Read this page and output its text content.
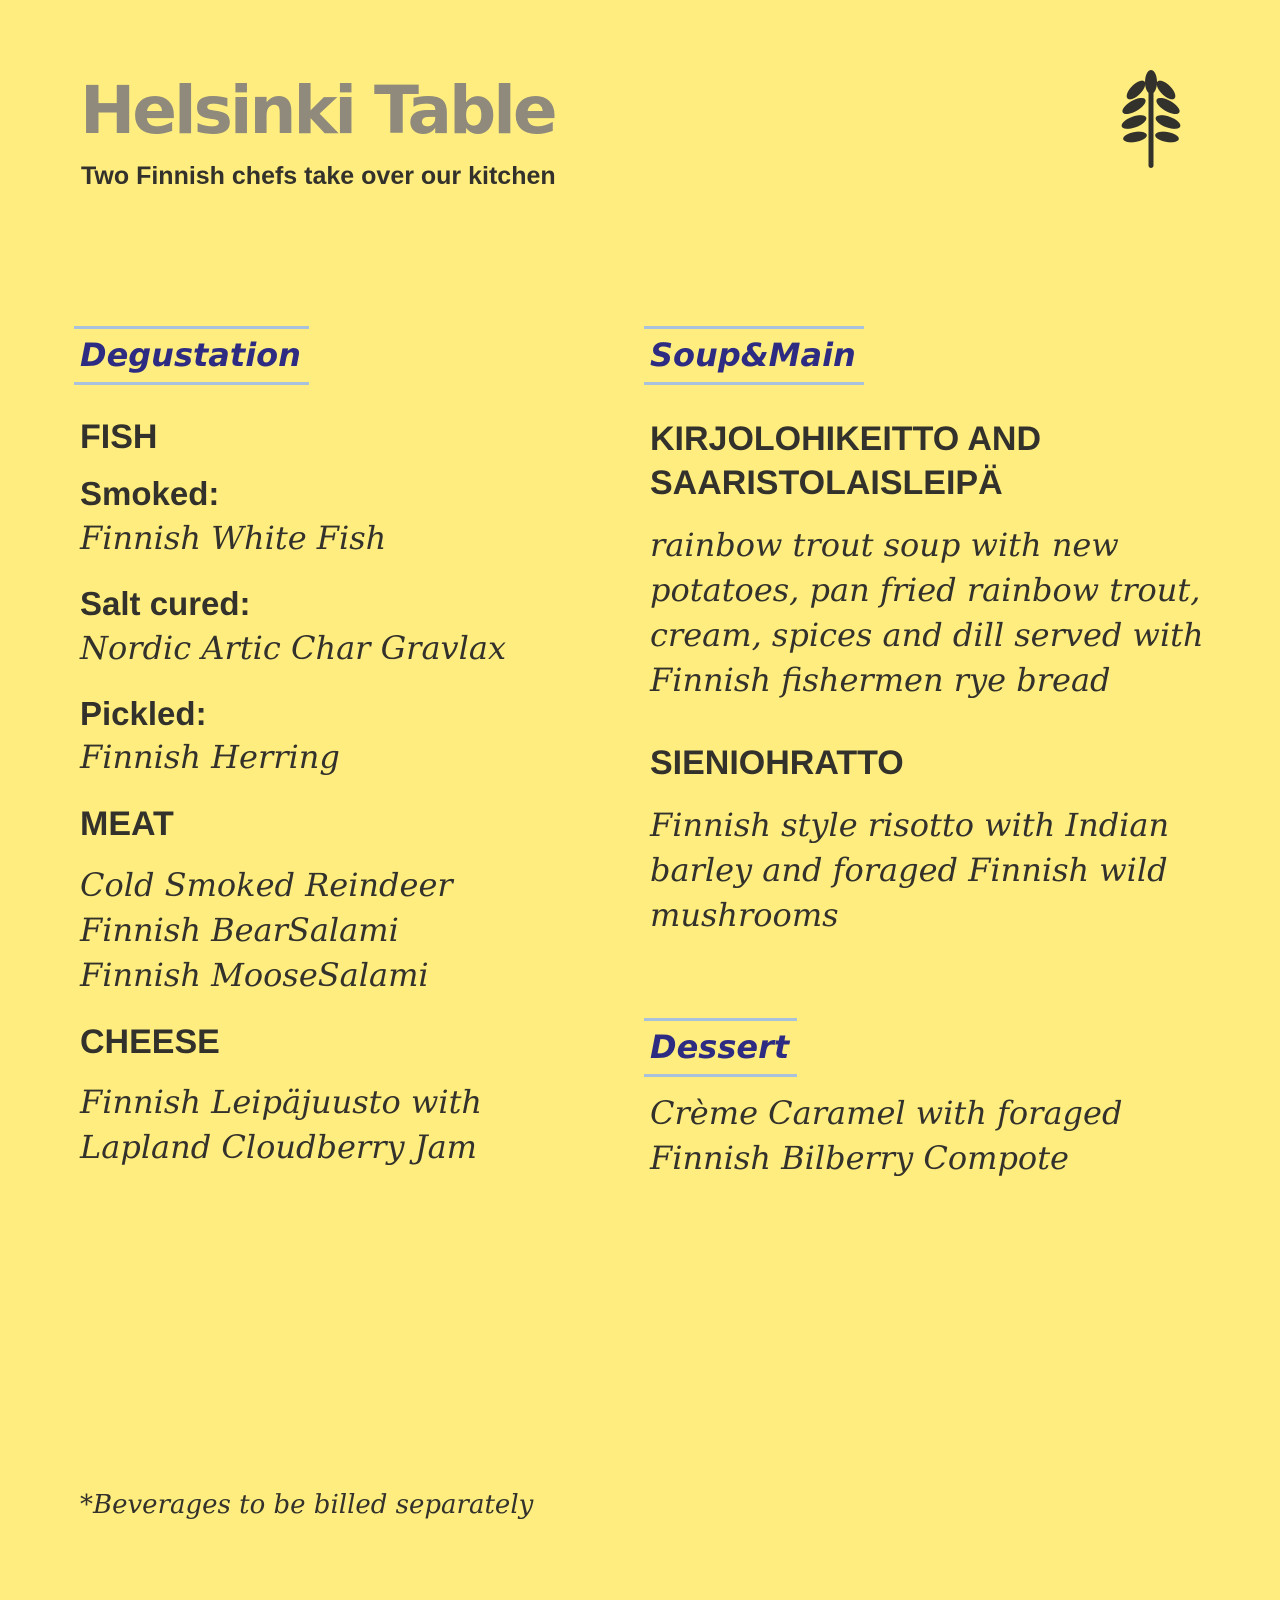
Helsinki Table

Two Finnish chefs take over our kitchen

Degustation

FISH

Smoked:

Finnish White Fish

Salt cured:

Nordic Artic Char Gravlax

Pickled:

Finnish Herring

MEAT

Cold Smoked Reindeer

Finnish BearSalami

Finnish MooseSalami

CHEESE

Finnish Leipäjuusto with

Lapland Cloudberry Jam

Soup&Main

KIRJOLOHIKEITTO AND

SAARISTOLAISLEIPÄ

rainbow trout soup with new

potatoes, pan fried rainbow trout,

cream, spices and dill served with

Finnish fishermen rye bread

SIENIOHRATTO

Finnish style risotto with Indian

barley and foraged Finnish wild

mushrooms

Dessert

Crème Caramel with foraged

Finnish Bilberry Compote

*Beverages to be billed separately
